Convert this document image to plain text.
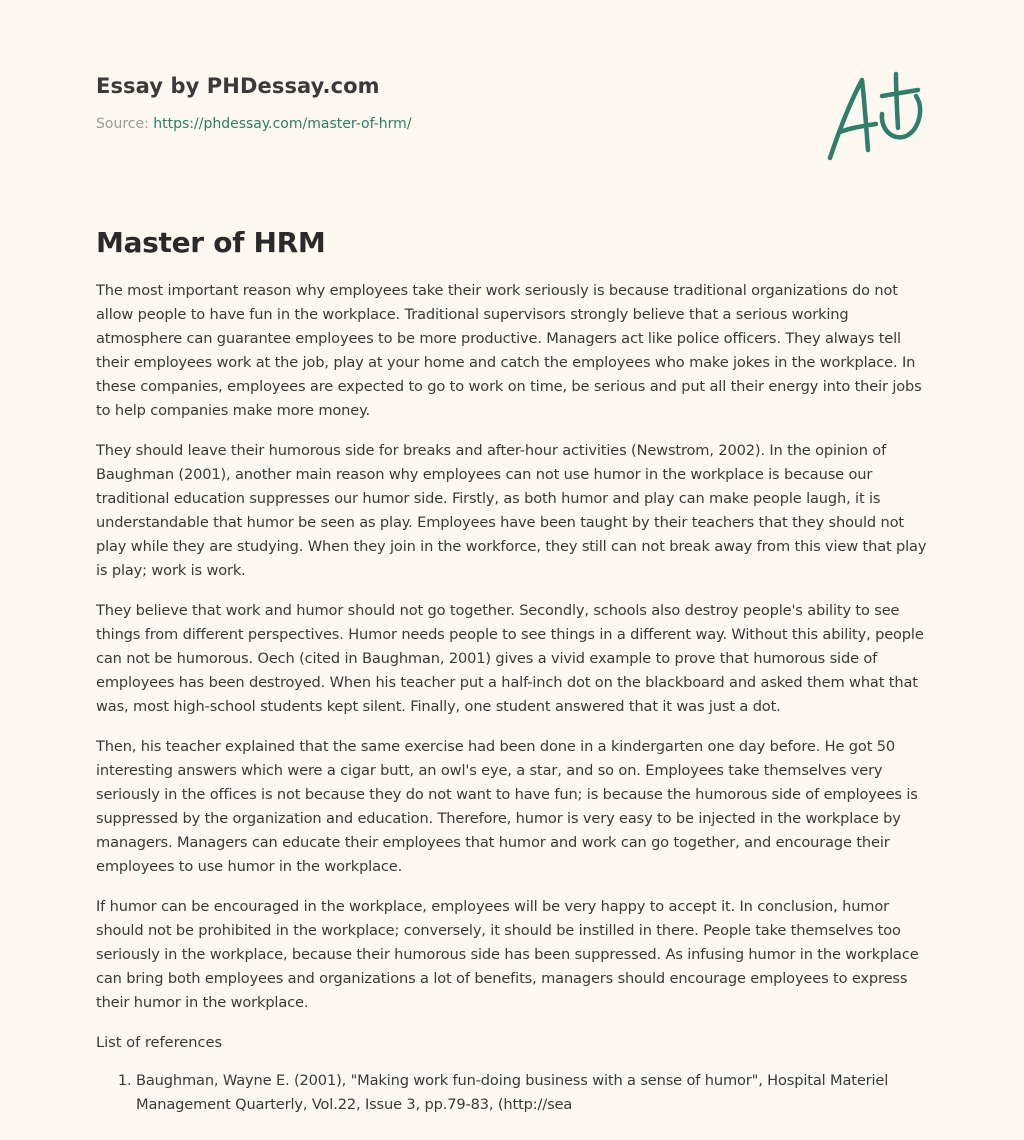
Essay by PHDessay.com
Source: https://phdessay.com/master-of-hrm/
Master of HRM

The most important reason why employees take their work seriously is because traditional organizations do not allow people to have fun in the workplace. Traditional supervisors strongly believe that a serious working atmosphere can guarantee employees to be more productive. Managers act like police officers. They always tell their employees work at the job, play at your home and catch the employees who make jokes in the workplace. In these companies, employees are expected to go to work on time, be serious and put all their energy into their jobs to help companies make more money.

They should leave their humorous side for breaks and after-hour activities (Newstrom, 2002). In the opinion of Baughman (2001), another main reason why employees can not use humor in the workplace is because our traditional education suppresses our humor side. Firstly, as both humor and play can make people laugh, it is understandable that humor be seen as play. Employees have been taught by their teachers that they should not play while they are studying. When they join in the workforce, they still can not break away from this view that play is play; work is work.

They believe that work and humor should not go together. Secondly, schools also destroy people's ability to see things from different perspectives. Humor needs people to see things in a different way. Without this ability, people can not be humorous. Oech (cited in Baughman, 2001) gives a vivid example to prove that humorous side of employees has been destroyed. When his teacher put a half-inch dot on the blackboard and asked them what that was, most high-school students kept silent. Finally, one student answered that it was just a dot.

Then, his teacher explained that the same exercise had been done in a kindergarten one day before. He got 50 interesting answers which were a cigar butt, an owl's eye, a star, and so on. Employees take themselves very seriously in the offices is not because they do not want to have fun; is because the humorous side of employees is suppressed by the organization and education. Therefore, humor is very easy to be injected in the workplace by managers. Managers can educate their employees that humor and work can go together, and encourage their employees to use humor in the workplace.

If humor can be encouraged in the workplace, employees will be very happy to accept it. In conclusion, humor should not be prohibited in the workplace; conversely, it should be instilled in there. People take themselves too seriously in the workplace, because their humorous side has been suppressed. As infusing humor in the workplace can bring both employees and organizations a lot of benefits, managers should encourage employees to express their humor in the workplace.

List of references

1. Baughman, Wayne E. (2001), "Making work fun-doing business with a sense of humor", Hospital Materiel Management Quarterly, Vol.22, Issue 3, pp.79-83, (http://sea
